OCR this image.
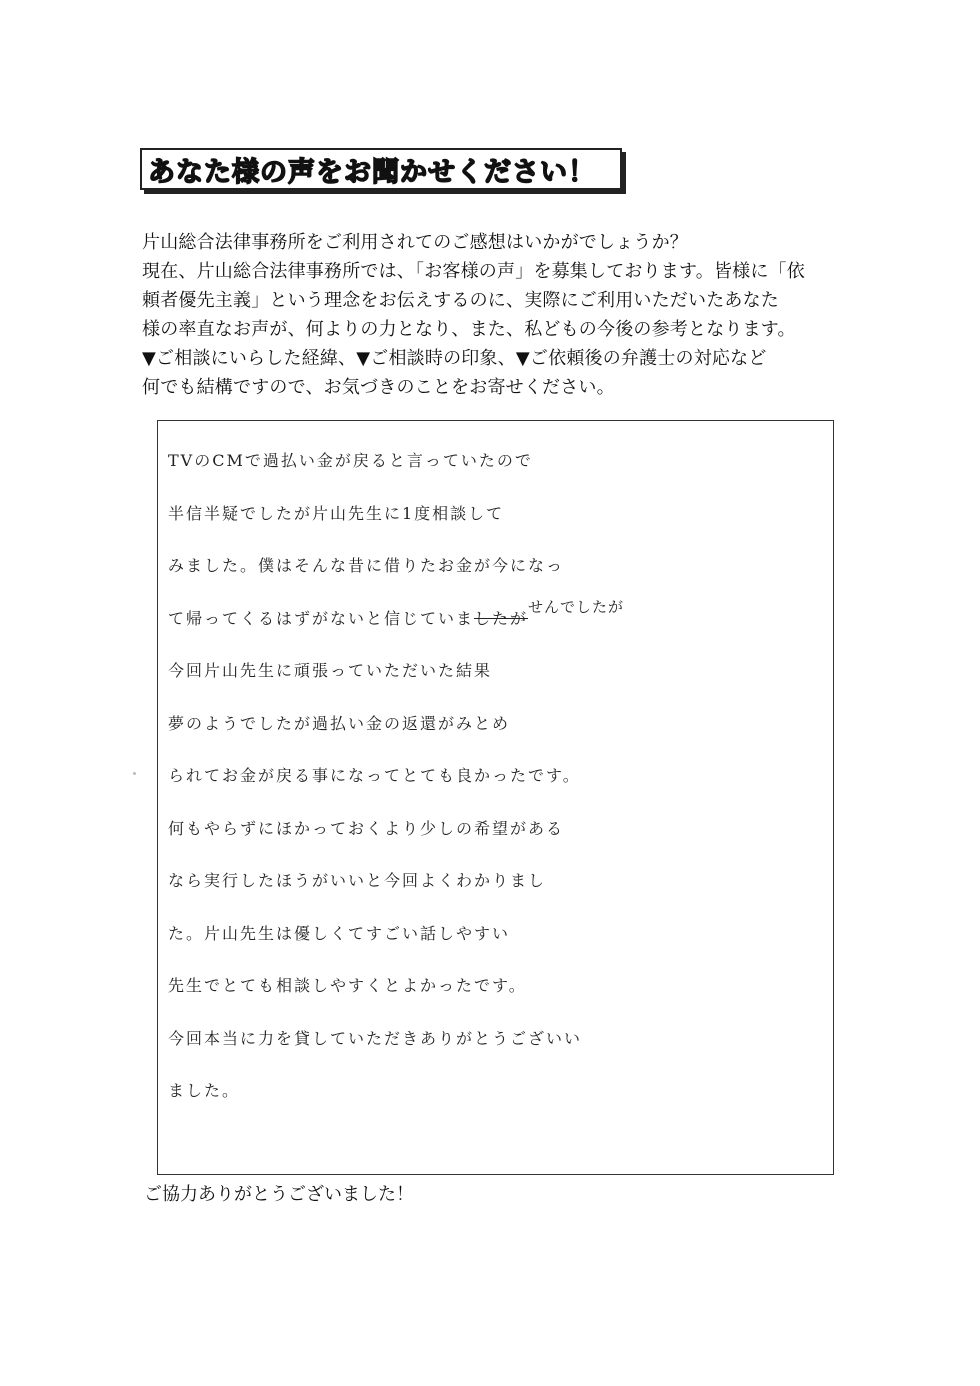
あなた様の声をお聞かせください！
片山総合法律事務所をご利用されてのご感想はいかがでしょうか？
現在、片山総合法律事務所では、「お客様の声」を募集しております。皆様に「依
頼者優先主義」という理念をお伝えするのに、実際にご利用いただいたあなた
様の率直なお声が、何よりの力となり、また、私どもの今後の参考となります。
▼ご相談にいらした経緯、▼ご相談時の印象、▼ご依頼後の弁護士の対応など
何でも結構ですので、お気づきのことをお寄せください。
TVのCMで過払い金が戻ると言っていたので
半信半疑でしたが片山先生に1度相談して
みました。僕はそんな昔に借りたお金が今になっ
て帰ってくるはずがないと信じていましたがせんでしたが
今回片山先生に頑張っていただいた結果
夢のようでしたが過払い金の返還がみとめ
られてお金が戻る事になってとても良かったです。
何もやらずにほかっておくより少しの希望がある
なら実行したほうがいいと今回よくわかりまし
た。片山先生は優しくてすごい話しやすい
先生でとても相談しやすくとよかったです。
今回本当に力を貸していただきありがとうございい
ました。
ご協力ありがとうございました！
